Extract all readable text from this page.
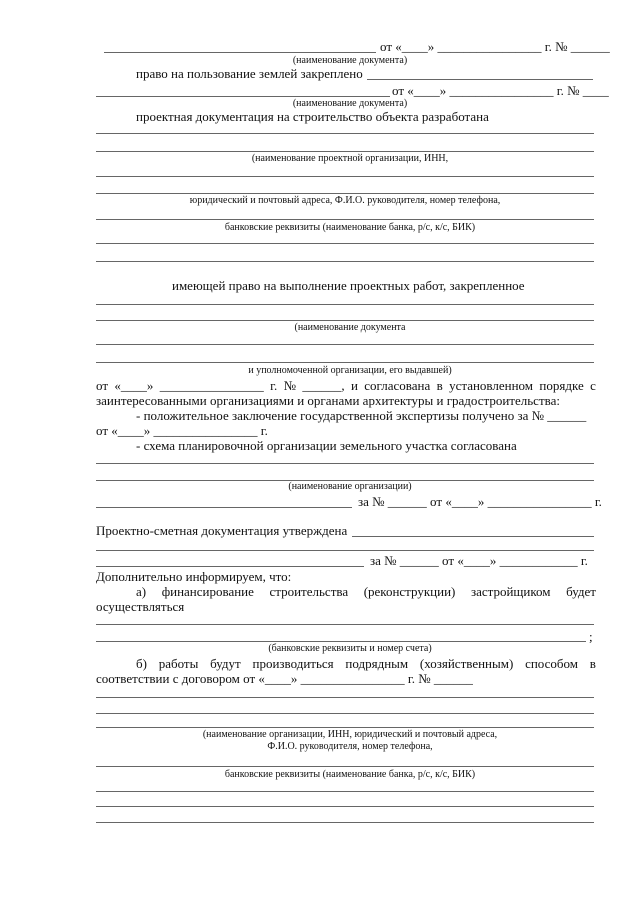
от «____» ________________ г. № ______
(наименование документа)
право на пользование землей закреплено
от «____» ________________ г. № ____
(наименование документа)
проектная документация на строительство объекта разработана
(наименование проектной организации, ИНН,
юридический и почтовый адреса, Ф.И.О. руководителя, номер телефона,
банковские реквизиты (наименование банка, р/с, к/с, БИК)
имеющей право на выполнение проектных работ, закрепленное
(наименование документа
и уполномоченной организации, его выдавшей)
от «____» ________________ г. № ______, и согласована в установленном порядке с
заинтересованными организациями и органами архитектуры и градостроительства:
- положительное заключение государственной экспертизы получено за № ______
от «____» ________________ г.
- схема планировочной организации земельного участка согласована
(наименование организации)
за № ______ от «____» ________________ г.
Проектно-сметная документация утверждена
за № ______ от «____» ____________ г.
Дополнительно информируем, что:
а) финансирование строительства (реконструкции) застройщиком будет
осуществляться
;
(банковские реквизиты и номер счета)
б) работы будут производиться подрядным (хозяйственным) способом в
соответствии с договором от «____» ________________ г. № ______
(наименование организации, ИНН, юридический и почтовый адреса,
Ф.И.О. руководителя, номер телефона,
банковские реквизиты (наименование банка, р/с, к/с, БИК)
